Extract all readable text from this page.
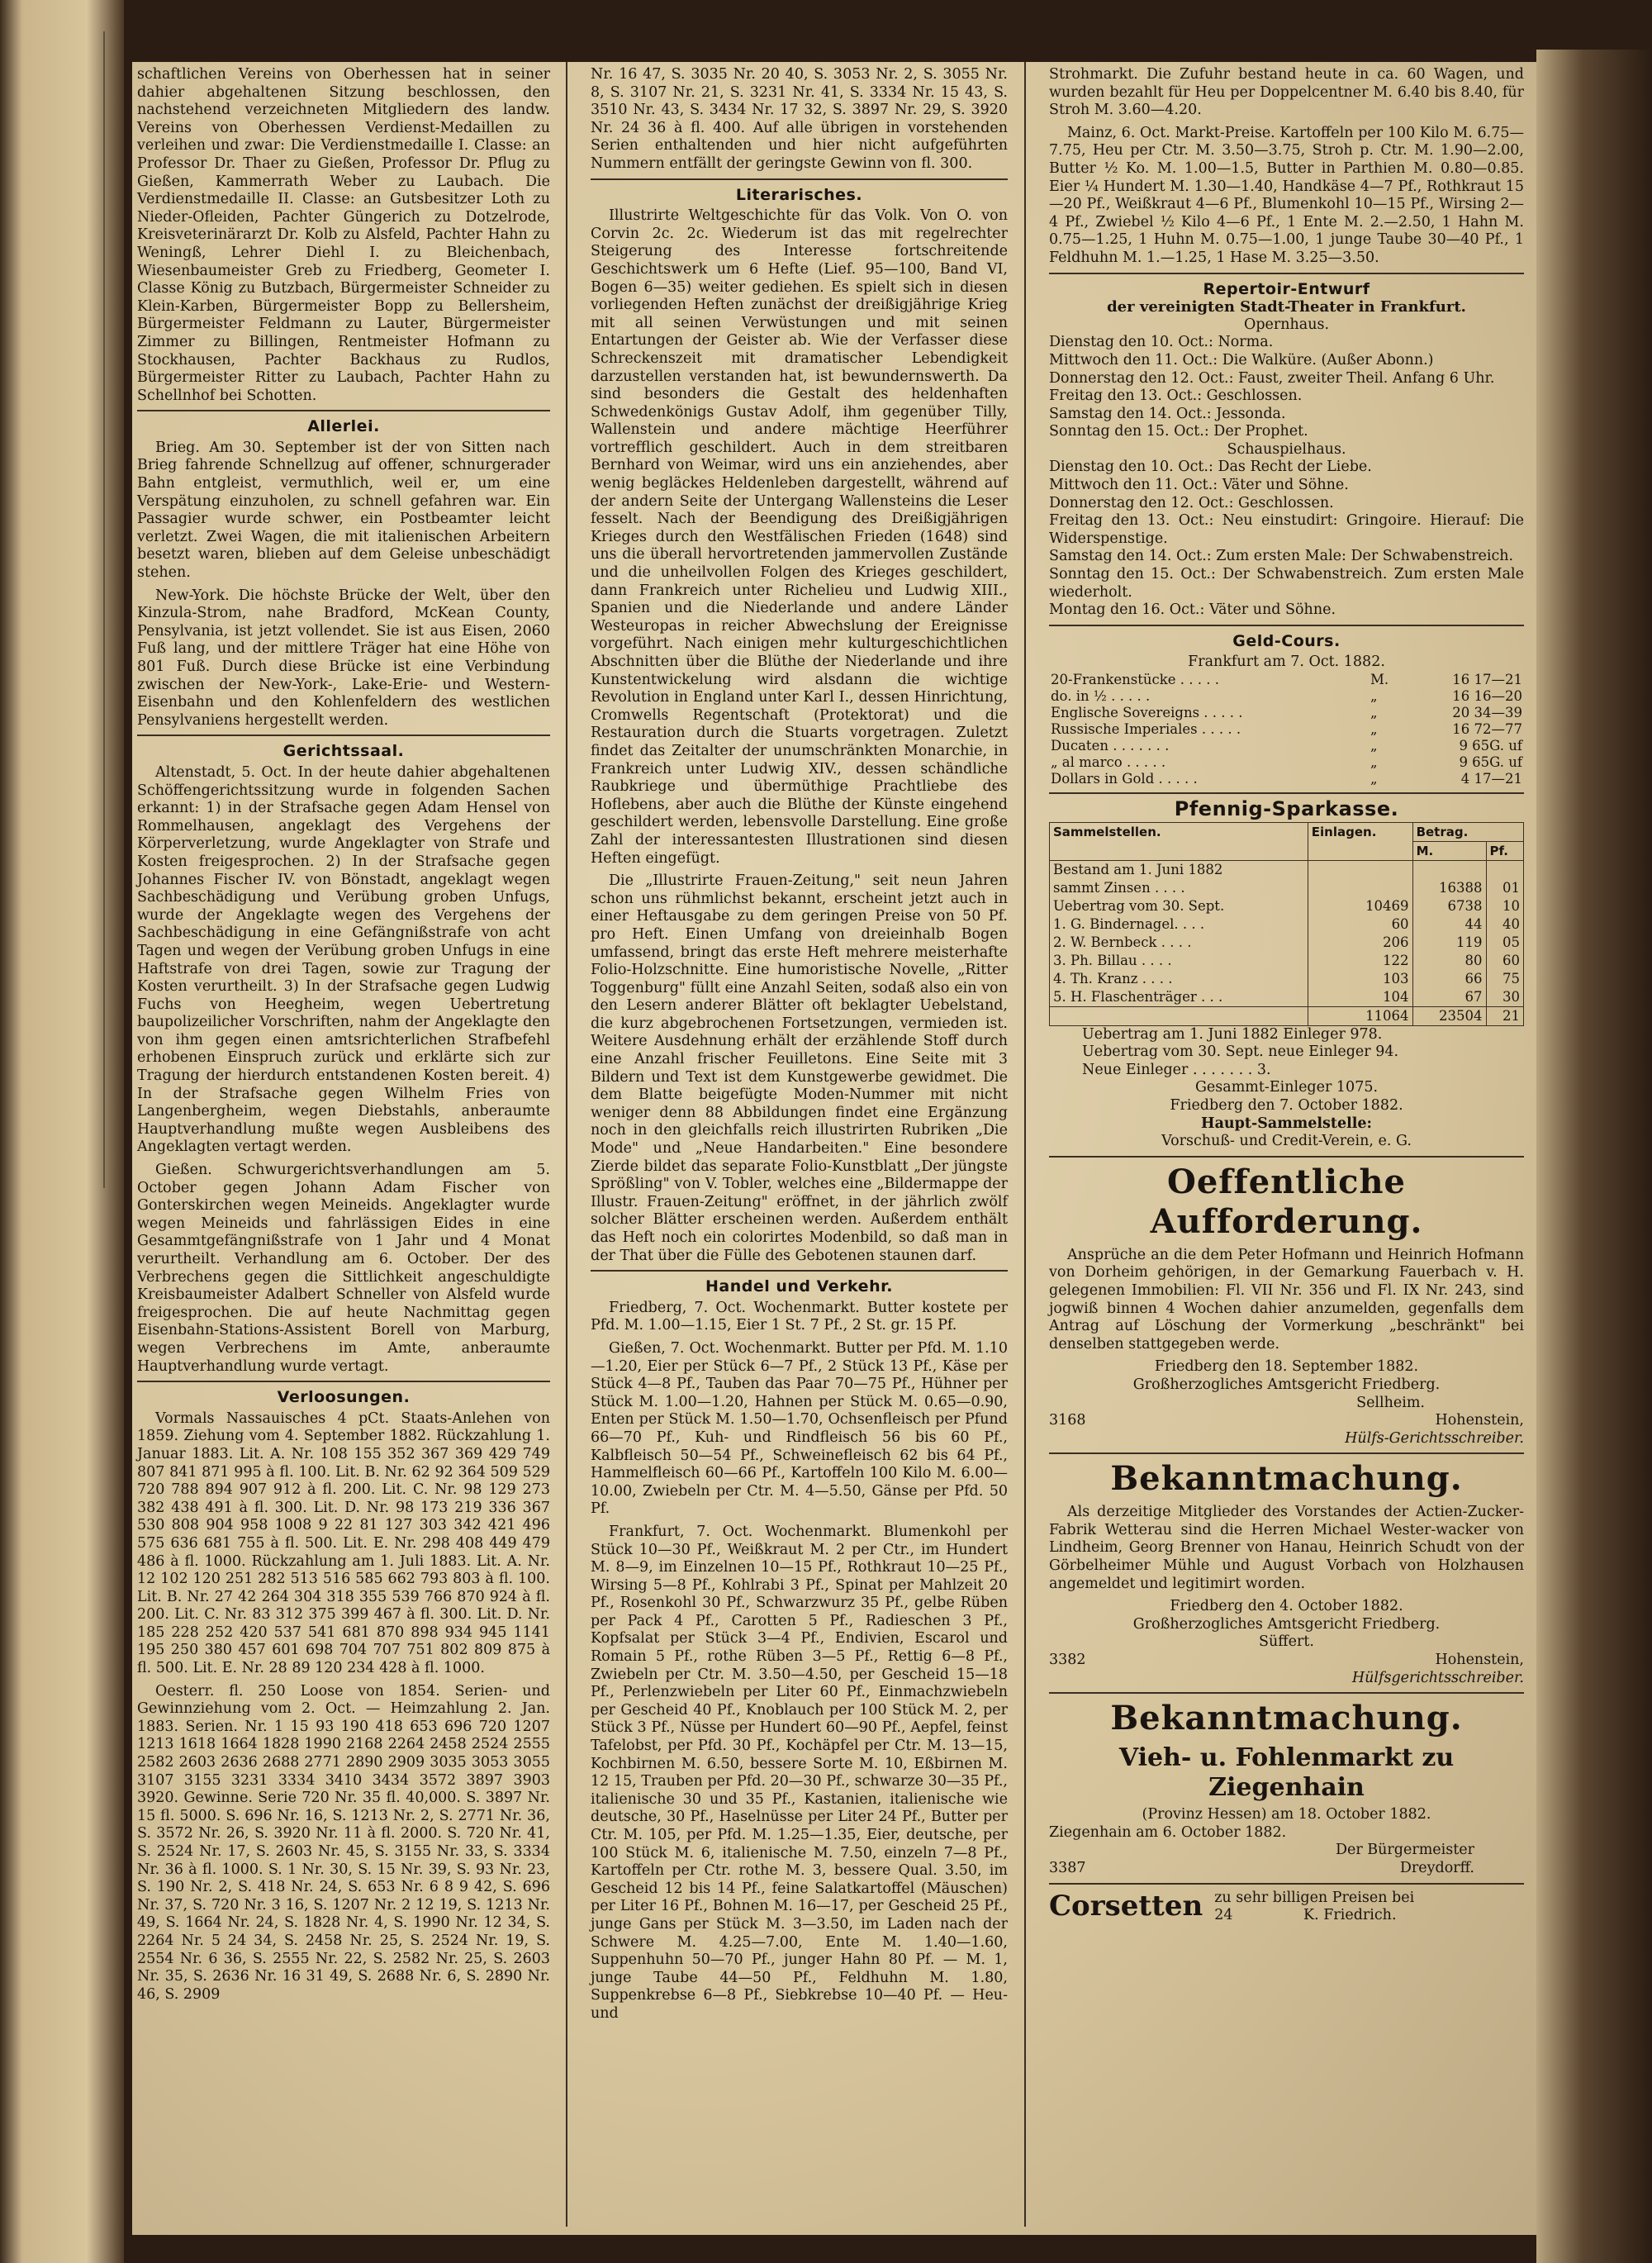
schaftlichen Vereins von Oberhessen hat in seiner dahier abgehaltenen Sitzung beschlossen, den nachstehend verzeichneten Mitgliedern des landw. Vereins von Oberhessen Verdienst-Medaillen zu verleihen und zwar: Die Verdienstmedaille I. Classe: an Professor Dr. Thaer zu Gießen, Professor Dr. Pflug zu Gießen, Kammerrath Weber zu Laubach. Die Verdienstmedaille II. Classe: an Gutsbesitzer Loth zu Nieder-Ofleiden, Pachter Güngerich zu Dotzelrode, Kreisveterinärarzt Dr. Kolb zu Alsfeld, Pachter Hahn zu Weningß, Lehrer Diehl I. zu Bleichenbach, Wiesenbaumeister Greb zu Friedberg, Geometer I. Classe König zu Butzbach, Bürgermeister Schneider zu Klein-Karben, Bürgermeister Bopp zu Bellersheim, Bürgermeister Feldmann zu Lauter, Bürgermeister Zimmer zu Billingen, Rentmeister Hofmann zu Stockhausen, Pachter Backhaus zu Rudlos, Bürgermeister Ritter zu Laubach, Pachter Hahn zu Schellnhof bei Schotten.

Allerlei.

Brieg. Am 30. September ist der von Sitten nach Brieg fahrende Schnellzug auf offener, schnurgerader Bahn entgleist, vermuthlich, weil er, um eine Verspätung einzuholen, zu schnell gefahren war. Ein Passagier wurde schwer, ein Postbeamter leicht verletzt. Zwei Wagen, die mit italienischen Arbeitern besetzt waren, blieben auf dem Geleise unbeschädigt stehen.

New-York. Die höchste Brücke der Welt, über den Kinzula-Strom, nahe Bradford, McKean County, Pensylvania, ist jetzt vollendet. Sie ist aus Eisen, 2060 Fuß lang, und der mittlere Träger hat eine Höhe von 801 Fuß. Durch diese Brücke ist eine Verbindung zwischen der New-York-, Lake-Erie- und Western-Eisenbahn und den Kohlenfeldern des westlichen Pensylvaniens hergestellt werden.

Gerichtssaal.

Altenstadt, 5. Oct. In der heute dahier abgehaltenen Schöffengerichtssitzung wurde in folgenden Sachen erkannt: 1) in der Strafsache gegen Adam Hensel von Rommelhausen, angeklagt des Vergehens der Körperverletzung, wurde Angeklagter von Strafe und Kosten freigesprochen. 2) In der Strafsache gegen Johannes Fischer IV. von Bönstadt, angeklagt wegen Sachbeschädigung und Verübung groben Unfugs, wurde der Angeklagte wegen des Vergehens der Sachbeschädigung in eine Gefängnißstrafe von acht Tagen und wegen der Verübung groben Unfugs in eine Haftstrafe von drei Tagen, sowie zur Tragung der Kosten verurtheilt. 3) In der Strafsache gegen Ludwig Fuchs von Heegheim, wegen Uebertretung baupolizeilicher Vorschriften, nahm der Angeklagte den von ihm gegen einen amtsrichterlichen Strafbefehl erhobenen Einspruch zurück und erklärte sich zur Tragung der hierdurch entstandenen Kosten bereit. 4) In der Strafsache gegen Wilhelm Fries von Langenbergheim, wegen Diebstahls, anberaumte Hauptverhandlung mußte wegen Ausbleibens des Angeklagten vertagt werden.

Gießen. Schwurgerichtsverhandlungen am 5. October gegen Johann Adam Fischer von Gonterskirchen wegen Meineids. Angeklagter wurde wegen Meineids und fahrlässigen Eides in eine Gesammtgefängnißstrafe von 1 Jahr und 4 Monat verurtheilt. Verhandlung am 6. October. Der des Verbrechens gegen die Sittlichkeit angeschuldigte Kreisbaumeister Adalbert Schneller von Alsfeld wurde freigesprochen. Die auf heute Nachmittag gegen Eisenbahn-Stations-Assistent Borell von Marburg, wegen Verbrechens im Amte, anberaumte Hauptverhandlung wurde vertagt.

Verloosungen.

Vormals Nassauisches 4 pCt. Staats-Anlehen von 1859. Ziehung vom 4. September 1882. Rückzahlung 1. Januar 1883. Lit. A. Nr. 108 155 352 367 369 429 749 807 841 871 995 à fl. 100. Lit. B. Nr. 62 92 364 509 529 720 788 894 907 912 à fl. 200. Lit. C. Nr. 98 129 273 382 438 491 à fl. 300. Lit. D. Nr. 98 173 219 336 367 530 808 904 958 1008 9 22 81 127 303 342 421 496 575 636 681 755 à fl. 500. Lit. E. Nr. 298 408 449 479 486 à fl. 1000. Rückzahlung am 1. Juli 1883. Lit. A. Nr. 12 102 120 251 282 513 516 585 662 793 803 à fl. 100. Lit. B. Nr. 27 42 264 304 318 355 539 766 870 924 à fl. 200. Lit. C. Nr. 83 312 375 399 467 à fl. 300. Lit. D. Nr. 185 228 252 420 537 541 681 870 898 934 945 1141 195 250 380 457 601 698 704 707 751 802 809 875 à fl. 500. Lit. E. Nr. 28 89 120 234 428 à fl. 1000.

Oesterr. fl. 250 Loose von 1854. Serien- und Gewinnziehung vom 2. Oct. — Heimzahlung 2. Jan. 1883. Serien. Nr. 1 15 93 190 418 653 696 720 1207 1213 1618 1664 1828 1990 2168 2264 2458 2524 2555 2582 2603 2636 2688 2771 2890 2909 3035 3053 3055 3107 3155 3231 3334 3410 3434 3572 3897 3903 3920. Gewinne. Serie 720 Nr. 35 fl. 40,000. S. 3897 Nr. 15 fl. 5000. S. 696 Nr. 16, S. 1213 Nr. 2, S. 2771 Nr. 36, S. 3572 Nr. 26, S. 3920 Nr. 11 à fl. 2000. S. 720 Nr. 41, S. 2524 Nr. 17, S. 2603 Nr. 45, S. 3155 Nr. 33, S. 3334 Nr. 36 à fl. 1000. S. 1 Nr. 30, S. 15 Nr. 39, S. 93 Nr. 23, S. 190 Nr. 2, S. 418 Nr. 24, S. 653 Nr. 6 8 9 42, S. 696 Nr. 37, S. 720 Nr. 3 16, S. 1207 Nr. 2 12 19, S. 1213 Nr. 49, S. 1664 Nr. 24, S. 1828 Nr. 4, S. 1990 Nr. 12 34, S. 2264 Nr. 5 24 34, S. 2458 Nr. 25, S. 2524 Nr. 19, S. 2554 Nr. 6 36, S. 2555 Nr. 22, S. 2582 Nr. 25, S. 2603 Nr. 35, S. 2636 Nr. 16 31 49, S. 2688 Nr. 6, S. 2890 Nr. 46, S. 2909

Nr. 16 47, S. 3035 Nr. 20 40, S. 3053 Nr. 2, S. 3055 Nr. 8, S. 3107 Nr. 21, S. 3231 Nr. 41, S. 3334 Nr. 15 43, S. 3510 Nr. 43, S. 3434 Nr. 17 32, S. 3897 Nr. 29, S. 3920 Nr. 24 36 à fl. 400. Auf alle übrigen in vorstehenden Serien enthaltenden und hier nicht aufgeführten Nummern entfällt der geringste Gewinn von fl. 300.

Literarisches.

Illustrirte Weltgeschichte für das Volk. Von O. von Corvin 2c. 2c. Wiederum ist das mit regelrechter Steigerung des Interesse fortschreitende Geschichtswerk um 6 Hefte (Lief. 95—100, Band VI, Bogen 6—35) weiter gediehen. Es spielt sich in diesen vorliegenden Heften zunächst der dreißigjährige Krieg mit all seinen Verwüstungen und mit seinen Entartungen der Geister ab. Wie der Verfasser diese Schreckenszeit mit dramatischer Lebendigkeit darzustellen verstanden hat, ist bewundernswerth. Da sind besonders die Gestalt des heldenhaften Schwedenkönigs Gustav Adolf, ihm gegenüber Tilly, Wallenstein und andere mächtige Heerführer vortrefflich geschildert. Auch in dem streitbaren Bernhard von Weimar, wird uns ein anziehendes, aber wenig begläckes Heldenleben dargestellt, während auf der andern Seite der Untergang Wallensteins die Leser fesselt. Nach der Beendigung des Dreißigjährigen Krieges durch den Westfälischen Frieden (1648) sind uns die überall hervortretenden jammervollen Zustände und die unheilvollen Folgen des Krieges geschildert, dann Frankreich unter Richelieu und Ludwig XIII., Spanien und die Niederlande und andere Länder Westeuropas in reicher Abwechslung der Ereignisse vorgeführt. Nach einigen mehr kulturgeschichtlichen Abschnitten über die Blüthe der Niederlande und ihre Kunstentwickelung wird alsdann die wichtige Revolution in England unter Karl I., dessen Hinrichtung, Cromwells Regentschaft (Protektorat) und die Restauration durch die Stuarts vorgetragen. Zuletzt findet das Zeitalter der unumschränkten Monarchie, in Frankreich unter Ludwig XIV., dessen schändliche Raubkriege und übermüthige Prachtliebe des Hoflebens, aber auch die Blüthe der Künste eingehend geschildert werden, lebensvolle Darstellung. Eine große Zahl der interessantesten Illustrationen sind diesen Heften eingefügt.

Die „Illustrirte Frauen-Zeitung," seit neun Jahren schon uns rühmlichst bekannt, erscheint jetzt auch in einer Heftausgabe zu dem geringen Preise von 50 Pf. pro Heft. Einen Umfang von dreieinhalb Bogen umfassend, bringt das erste Heft mehrere meisterhafte Folio-Holzschnitte. Eine humoristische Novelle, „Ritter Toggenburg" füllt eine Anzahl Seiten, sodaß also ein von den Lesern anderer Blätter oft beklagter Uebelstand, die kurz abgebrochenen Fortsetzungen, vermieden ist. Weitere Ausdehnung erhält der erzählende Stoff durch eine Anzahl frischer Feuilletons. Eine Seite mit 3 Bildern und Text ist dem Kunstgewerbe gewidmet. Die dem Blatte beigefügte Moden-Nummer mit nicht weniger denn 88 Abbildungen findet eine Ergänzung noch in den gleichfalls reich illustrirten Rubriken „Die Mode" und „Neue Handarbeiten." Eine besondere Zierde bildet das separate Folio-Kunstblatt „Der jüngste Sprößling" von V. Tobler, welches eine „Bildermappe der Illustr. Frauen-Zeitung" eröffnet, in der jährlich zwölf solcher Blätter erscheinen werden. Außerdem enthält das Heft noch ein colorirtes Modenbild, so daß man in der That über die Fülle des Gebotenen staunen darf.

Handel und Verkehr.

Friedberg, 7. Oct. Wochenmarkt. Butter kostete per Pfd. M. 1.00—1.15, Eier 1 St. 7 Pf., 2 St. gr. 15 Pf.

Gießen, 7. Oct. Wochenmarkt. Butter per Pfd. M. 1.10—1.20, Eier per Stück 6—7 Pf., 2 Stück 13 Pf., Käse per Stück 4—8 Pf., Tauben das Paar 70—75 Pf., Hühner per Stück M. 1.00—1.20, Hahnen per Stück M. 0.65—0.90, Enten per Stück M. 1.50—1.70, Ochsenfleisch per Pfund 66—70 Pf., Kuh- und Rindfleisch 56 bis 60 Pf., Kalbfleisch 50—54 Pf., Schweinefleisch 62 bis 64 Pf., Hammelfleisch 60—66 Pf., Kartoffeln 100 Kilo M. 6.00—10.00, Zwiebeln per Ctr. M. 4—5.50, Gänse per Pfd. 50 Pf.

Frankfurt, 7. Oct. Wochenmarkt. Blumenkohl per Stück 10—30 Pf., Weißkraut M. 2 per Ctr., im Hundert M. 8—9, im Einzelnen 10—15 Pf., Rothkraut 10—25 Pf., Wirsing 5—8 Pf., Kohlrabi 3 Pf., Spinat per Mahlzeit 20 Pf., Rosenkohl 30 Pf., Schwarzwurz 35 Pf., gelbe Rüben per Pack 4 Pf., Carotten 5 Pf., Radieschen 3 Pf., Kopfsalat per Stück 3—4 Pf., Endivien, Escarol und Romain 5 Pf., rothe Rüben 3—5 Pf., Rettig 6—8 Pf., Zwiebeln per Ctr. M. 3.50—4.50, per Gescheid 15—18 Pf., Perlenzwiebeln per Liter 60 Pf., Einmachzwiebeln per Gescheid 40 Pf., Knoblauch per 100 Stück M. 2, per Stück 3 Pf., Nüsse per Hundert 60—90 Pf., Aepfel, feinst Tafelobst, per Pfd. 30 Pf., Kochäpfel per Ctr. M. 13—15, Kochbirnen M. 6.50, bessere Sorte M. 10, Eßbirnen M. 12 15, Trauben per Pfd. 20—30 Pf., schwarze 30—35 Pf., italienische 30 und 35 Pf., Kastanien, italienische wie deutsche, 30 Pf., Haselnüsse per Liter 24 Pf., Butter per Ctr. M. 105, per Pfd. M. 1.25—1.35, Eier, deutsche, per 100 Stück M. 6, italienische M. 7.50, einzeln 7—8 Pf., Kartoffeln per Ctr. rothe M. 3, bessere Qual. 3.50, im Gescheid 12 bis 14 Pf., feine Salatkartoffel (Mäuschen) per Liter 16 Pf., Bohnen M. 16—17, per Gescheid 25 Pf., junge Gans per Stück M. 3—3.50, im Laden nach der Schwere M. 4.25—7.00, Ente M. 1.40—1.60, Suppenhuhn 50—70 Pf., junger Hahn 80 Pf. — M. 1, junge Taube 44—50 Pf., Feldhuhn M. 1.80, Suppenkrebse 6—8 Pf., Siebkrebse 10—40 Pf. — Heu- und

Strohmarkt. Die Zufuhr bestand heute in ca. 60 Wagen, und wurden bezahlt für Heu per Doppelcentner M. 6.40 bis 8.40, für Stroh M. 3.60—4.20.

Mainz, 6. Oct. Markt-Preise. Kartoffeln per 100 Kilo M. 6.75—7.75, Heu per Ctr. M. 3.50—3.75, Stroh p. Ctr. M. 1.90—2.00, Butter ½ Ko. M. 1.00—1.5, Butter in Parthien M. 0.80—0.85. Eier ¼ Hundert M. 1.30—1.40, Handkäse 4—7 Pf., Rothkraut 15—20 Pf., Weißkraut 4—6 Pf., Blumenkohl 10—15 Pf., Wirsing 2—4 Pf., Zwiebel ½ Kilo 4—6 Pf., 1 Ente M. 2.—2.50, 1 Hahn M. 0.75—1.25, 1 Huhn M. 0.75—1.00, 1 junge Taube 30—40 Pf., 1 Feldhuhn M. 1.—1.25, 1 Hase M. 3.25—3.50.

Repertoir-Entwurf
der vereinigten Stadt-Theater in Frankfurt.
Opernhaus.
Dienstag den 10. Oct.: Norma.
Mittwoch den 11. Oct.: Die Walküre. (Außer Abonn.)
Donnerstag den 12. Oct.: Faust, zweiter Theil. Anfang 6 Uhr.
Freitag den 13. Oct.: Geschlossen.
Samstag den 14. Oct.: Jessonda.
Sonntag den 15. Oct.: Der Prophet.
Schauspielhaus.
Dienstag den 10. Oct.: Das Recht der Liebe.
Mittwoch den 11. Oct.: Väter und Söhne.
Donnerstag den 12. Oct.: Geschlossen.
Freitag den 13. Oct.: Neu einstudirt: Gringoire. Hierauf: Die Widerspenstige.
Samstag den 14. Oct.: Zum ersten Male: Der Schwabenstreich.
Sonntag den 15. Oct.: Der Schwabenstreich. Zum ersten Male wiederholt.
Montag den 16. Oct.: Väter und Söhne.
Geld-Cours.
Frankfurt am 7. Oct. 1882.
20-Frankenstücke . . . . .	M.	16 17—21
do. in ½ . . . . .	„	16 16—20
Englische Sovereigns . . . . .	„	20 34—39
Russische Imperiales . . . . .	„	16 72—77
Ducaten . . . . . . .	„	9 65G. uf
„ al marco . . . . .	„	9 65G. uf
Dollars in Gold . . . . .	„	4 17—21
Pfennig-Sparkasse.
Sammelstellen.	Einlagen.	Betrag.	
		M.	Pf.
Bestand am 1. Juni 1882			
sammt Zinsen . . . .		16388	01
Uebertrag vom 30. Sept.	10469	6738	10
1. G. Bindernagel. . . .	60	44	40
2. W. Bernbeck . . . .	206	119	05
3. Ph. Billau . . . .	122	80	60
4. Th. Kranz . . . .	103	66	75
5. H. Flaschenträger . . .	104	67	30
	11064	23504	21
Uebertrag am 1. Juni 1882 Einleger 978.
Uebertrag vom 30. Sept. neue Einleger 94.
Neue Einleger . . . . . . . 3.
Gesammt-Einleger 1075.
Friedberg den 7. October 1882.
Haupt-Sammelstelle:
Vorschuß- und Credit-Verein, e. G.
Oeffentliche Aufforderung.

Ansprüche an die dem Peter Hofmann und Heinrich Hofmann von Dorheim gehörigen, in der Gemarkung Fauerbach v. H. gelegenen Immobilien: Fl. VII Nr. 356 und Fl. IX Nr. 243, sind jogwiß binnen 4 Wochen dahier anzumelden, gegenfalls dem Antrag auf Löschung der Vormerkung „beschränkt" bei denselben stattgegeben werde.

Friedberg den 18. September 1882.
Großherzogliches Amtsgericht Friedberg.
Sellheim.
3168	Hohenstein,
Hülfs-Gerichtsschreiber.
Bekanntmachung.

Als derzeitige Mitglieder des Vorstandes der Actien-Zucker-Fabrik Wetterau sind die Herren Michael Wester-wacker von Lindheim, Georg Brenner von Hanau, Heinrich Schudt von der Görbelheimer Mühle und August Vorbach von Holzhausen angemeldet und legitimirt worden.

Friedberg den 4. October 1882.
Großherzogliches Amtsgericht Friedberg.
Süffert.
3382	Hohenstein,
Hülfsgerichtsschreiber.
Bekanntmachung.
Vieh- u. Fohlenmarkt zu Ziegenhain
(Provinz Hessen) am 18. October 1882.
Ziegenhain am 6. October 1882.
Der Bürgermeister
3387	Dreydorff.
Corsetten zu sehr billigen Preisen bei
24	K. Friedrich.
